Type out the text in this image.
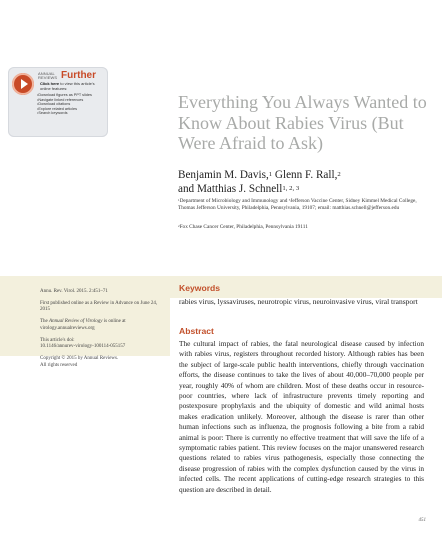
ANNUAL
REVIEWS Further
Click here to view this article's online features:
• Download figures as PPT slides
• Navigate linked references
• Download citations
• Explore related articles
• Search keywords
Everything You Always Wanted to Know About Rabies Virus (But Were Afraid to Ask)
Benjamin M. Davis,$^1$ Glenn F. Rall,$^2$
and Matthias J. Schnell$^{1, 2, 3}$
$^1$Department of Microbiology and Immunology and $^3$Jefferson Vaccine Center, Sidney Kimmel Medical College, Thomas Jefferson University, Philadelphia, Pennsylvania, 19107; email: matthias.schnell@jefferson.edu
$^2$Fox Chase Cancer Center, Philadelphia, Pennsylvania 19111

Annu. Rev. Virol. 2015. 2:451–71

First published online as a Review in Advance on June 24, 2015

The Annual Review of Virology is online at virology.annualreviews.org

This article's doi:
10.1146/annurev-virology-100114-055157

Copyright © 2015 by Annual Reviews.
All rights reserved

Keywords
rabies virus, lyssaviruses, neurotropic virus, neuroinvasive virus, viral transport
Abstract
The cultural impact of rabies, the fatal neurological disease caused by infection with rabies virus, registers throughout recorded history. Although rabies has been the subject of large-scale public health interventions, chiefly through vaccination efforts, the disease continues to take the lives of about 40,000–70,000 people per year, roughly 40% of whom are children. Most of these deaths occur in resource-poor countries, where lack of infrastructure prevents timely reporting and postexposure prophylaxis and the ubiquity of domestic and wild animal hosts makes eradication unlikely. Moreover, although the disease is rarer than other human infections such as influenza, the prognosis following a bite from a rabid animal is poor: There is currently no effective treatment that will save the life of a symptomatic rabies patient. This review focuses on the major unanswered research questions related to rabies virus pathogenesis, especially those connecting the disease progression of rabies with the complex dysfunction caused by the virus in infected cells. The recent applications of cutting-edge research strategies to this question are described in detail.
451
